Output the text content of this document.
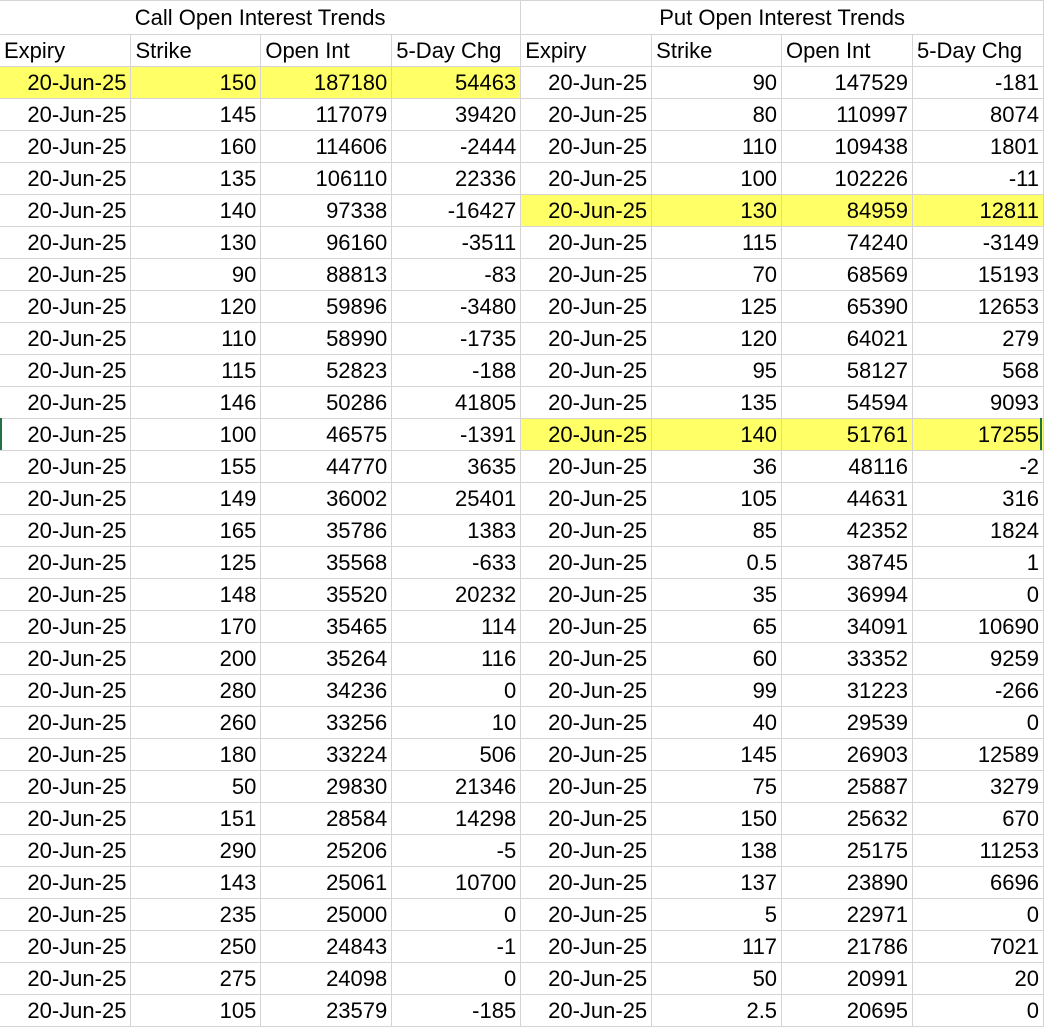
Call Open Interest Trends				Put Open Interest Trends			
Expiry	Strike	Open Int	5-Day Chg	Expiry	Strike	Open Int	5-Day Chg
20-Jun-25	150	187180	54463	20-Jun-25	90	147529	-181
20-Jun-25	145	117079	39420	20-Jun-25	80	110997	8074
20-Jun-25	160	114606	-2444	20-Jun-25	110	109438	1801
20-Jun-25	135	106110	22336	20-Jun-25	100	102226	-11
20-Jun-25	140	97338	-16427	20-Jun-25	130	84959	12811
20-Jun-25	130	96160	-3511	20-Jun-25	115	74240	-3149
20-Jun-25	90	88813	-83	20-Jun-25	70	68569	15193
20-Jun-25	120	59896	-3480	20-Jun-25	125	65390	12653
20-Jun-25	110	58990	-1735	20-Jun-25	120	64021	279
20-Jun-25	115	52823	-188	20-Jun-25	95	58127	568
20-Jun-25	146	50286	41805	20-Jun-25	135	54594	9093
20-Jun-25	100	46575	-1391	20-Jun-25	140	51761	17255
20-Jun-25	155	44770	3635	20-Jun-25	36	48116	-2
20-Jun-25	149	36002	25401	20-Jun-25	105	44631	316
20-Jun-25	165	35786	1383	20-Jun-25	85	42352	1824
20-Jun-25	125	35568	-633	20-Jun-25	0.5	38745	1
20-Jun-25	148	35520	20232	20-Jun-25	35	36994	0
20-Jun-25	170	35465	114	20-Jun-25	65	34091	10690
20-Jun-25	200	35264	116	20-Jun-25	60	33352	9259
20-Jun-25	280	34236	0	20-Jun-25	99	31223	-266
20-Jun-25	260	33256	10	20-Jun-25	40	29539	0
20-Jun-25	180	33224	506	20-Jun-25	145	26903	12589
20-Jun-25	50	29830	21346	20-Jun-25	75	25887	3279
20-Jun-25	151	28584	14298	20-Jun-25	150	25632	670
20-Jun-25	290	25206	-5	20-Jun-25	138	25175	11253
20-Jun-25	143	25061	10700	20-Jun-25	137	23890	6696
20-Jun-25	235	25000	0	20-Jun-25	5	22971	0
20-Jun-25	250	24843	-1	20-Jun-25	117	21786	7021
20-Jun-25	275	24098	0	20-Jun-25	50	20991	20
20-Jun-25	105	23579	-185	20-Jun-25	2.5	20695	0
